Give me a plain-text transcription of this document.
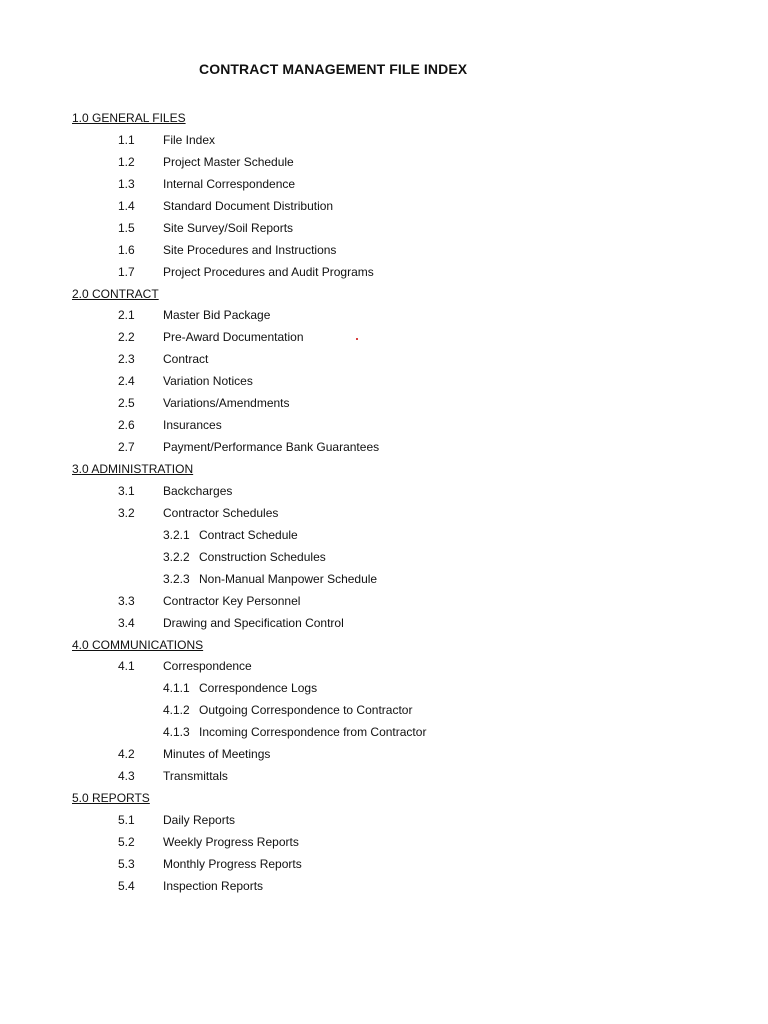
CONTRACT MANAGEMENT FILE INDEX
1.0 GENERAL FILES
1.1 File Index
1.2 Project Master Schedule
1.3 Internal Correspondence
1.4 Standard Document Distribution
1.5 Site Survey/Soil Reports
1.6 Site Procedures and Instructions
1.7 Project Procedures and Audit Programs
2.0 CONTRACT
2.1 Master Bid Package
2.2 Pre-Award Documentation
2.3 Contract
2.4 Variation Notices
2.5 Variations/Amendments
2.6 Insurances
2.7 Payment/Performance Bank Guarantees
3.0 ADMINISTRATION
3.1 Backcharges
3.2 Contractor Schedules
3.2.1 Contract Schedule
3.2.2 Construction Schedules
3.2.3 Non-Manual Manpower Schedule
3.3 Contractor Key Personnel
3.4 Drawing and Specification Control
4.0 COMMUNICATIONS
4.1 Correspondence
4.1.1 Correspondence Logs
4.1.2 Outgoing Correspondence to Contractor
4.1.3 Incoming Correspondence from Contractor
4.2 Minutes of Meetings
4.3 Transmittals
5.0 REPORTS
5.1 Daily Reports
5.2 Weekly Progress Reports
5.3 Monthly Progress Reports
5.4 Inspection Reports
